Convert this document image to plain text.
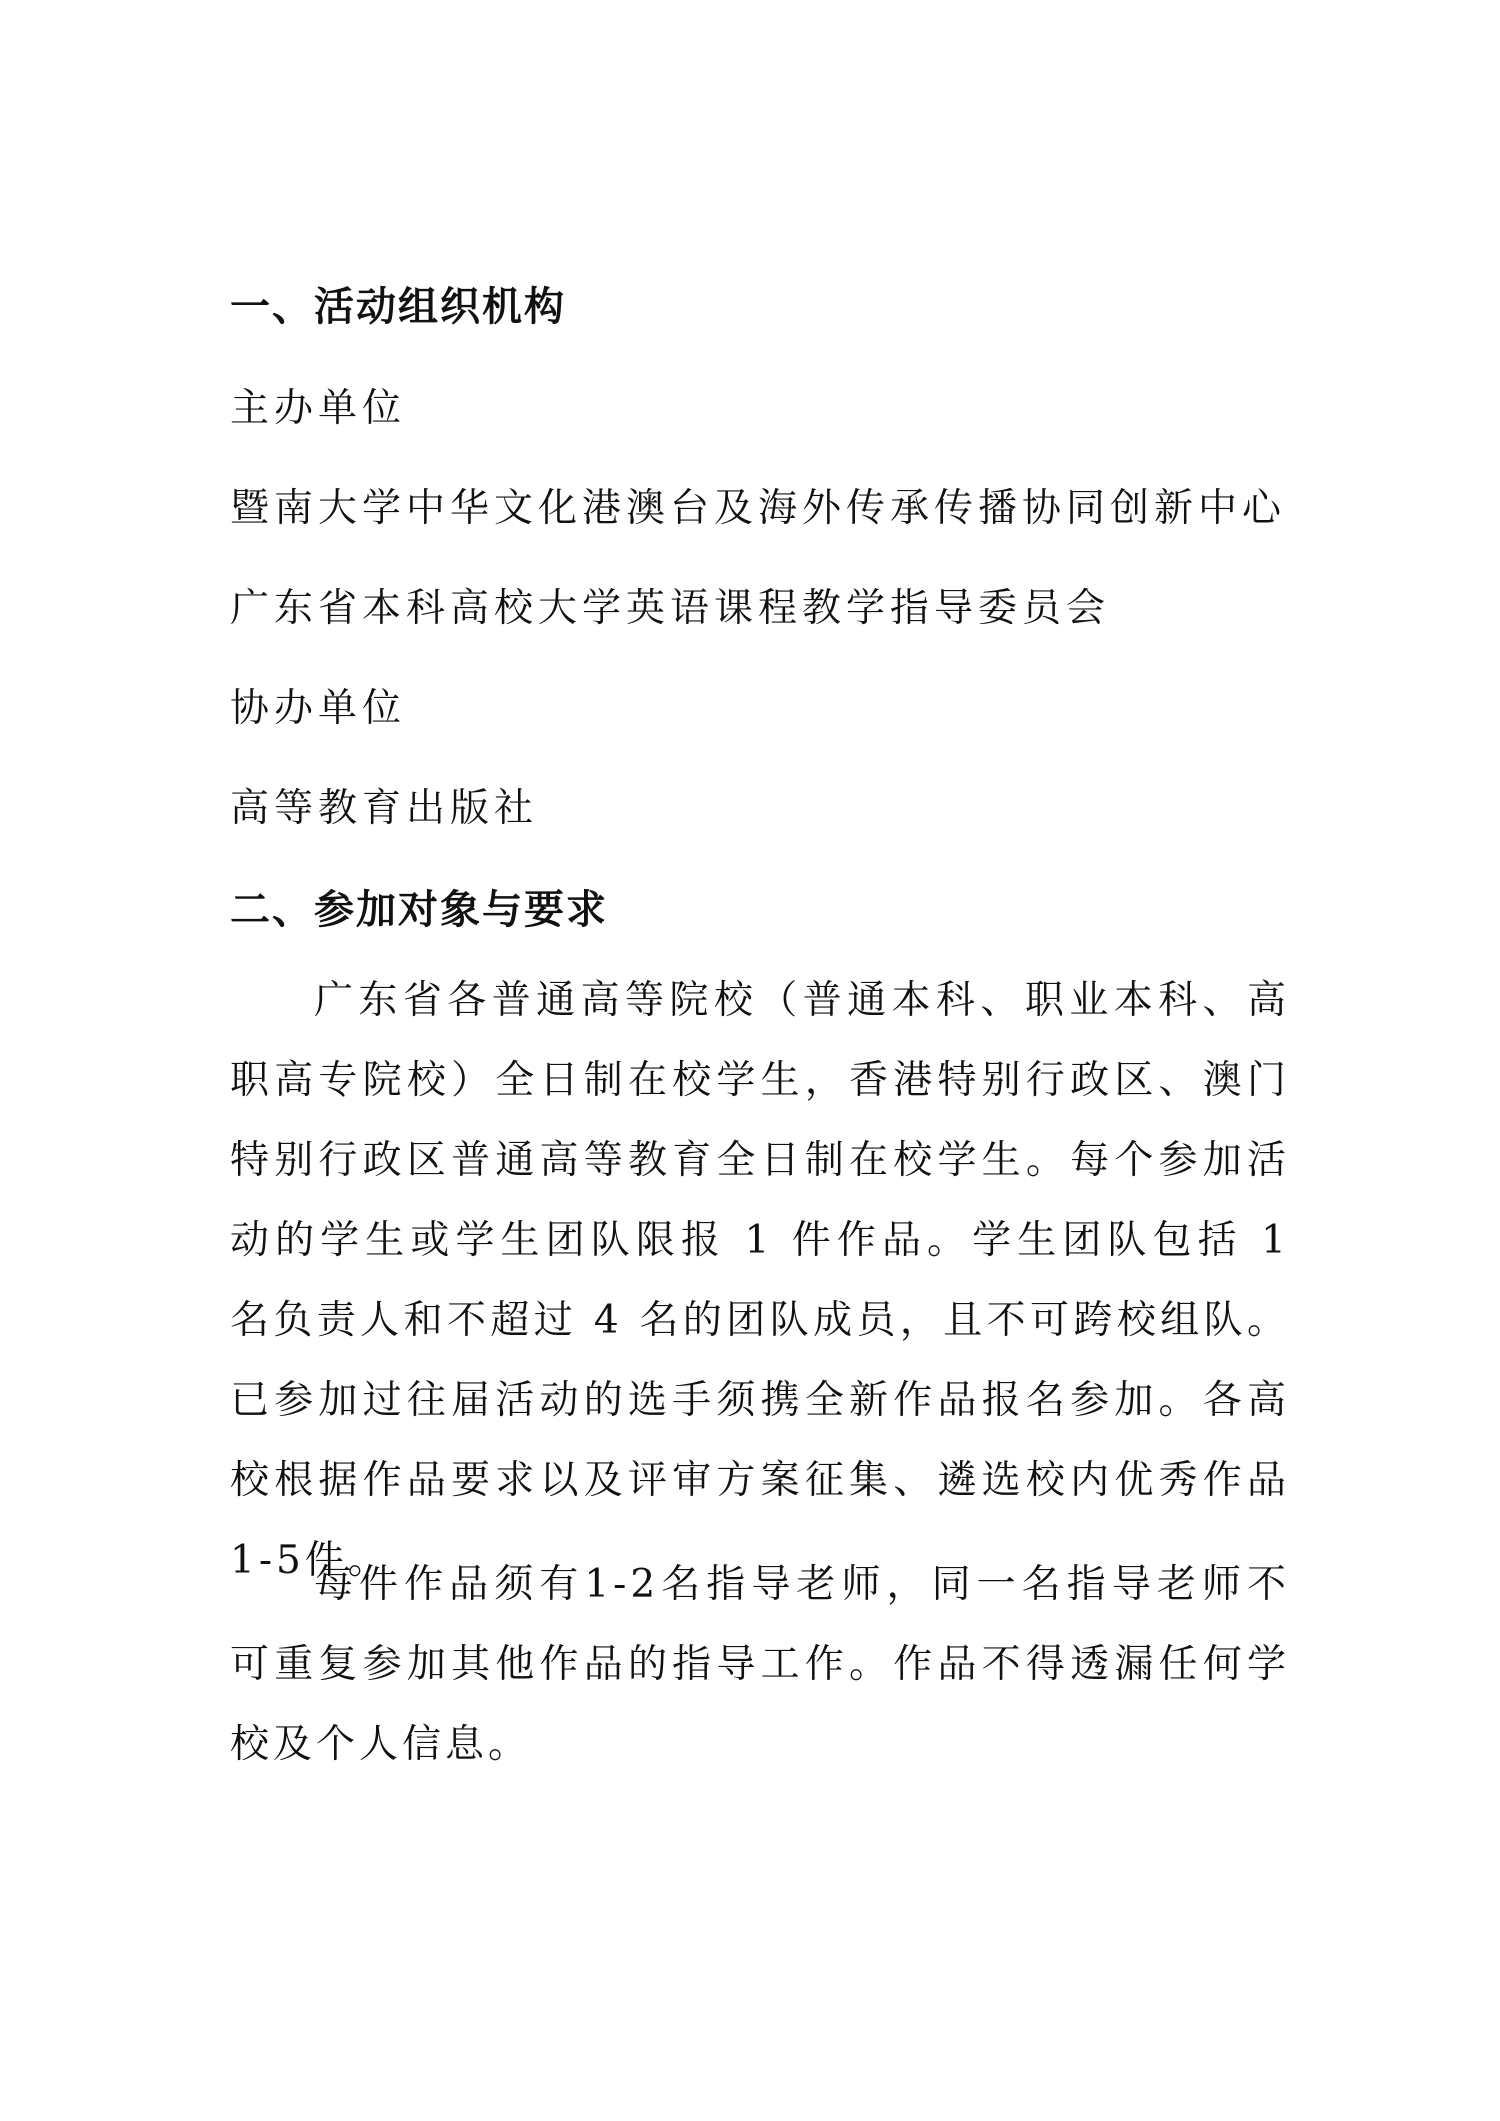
一、活动组织机构
主办单位
暨南大学中华文化港澳台及海外传承传播协同创新中心
广东省本科高校大学英语课程教学指导委员会
协办单位
高等教育出版社
二、参加对象与要求

广东省各普通高等院校（普通本科、职业本科、高职高专院校）全日制在校学生，香港特别行政区、澳门特别行政区普通高等教育全日制在校学生。每个参加活动的学生或学生团队限报 1 件作品。学生团队包括 1 名负责人和不超过 4 名的团队成员，且不可跨校组队。已参加过往届活动的选手须携全新作品报名参加。各高校根据作品要求以及评审方案征集、遴选校内优秀作品1-5件。

每件作品须有1-2名指导老师，同一名指导老师不可重复参加其他作品的指导工作。作品不得透漏任何学校及个人信息。
